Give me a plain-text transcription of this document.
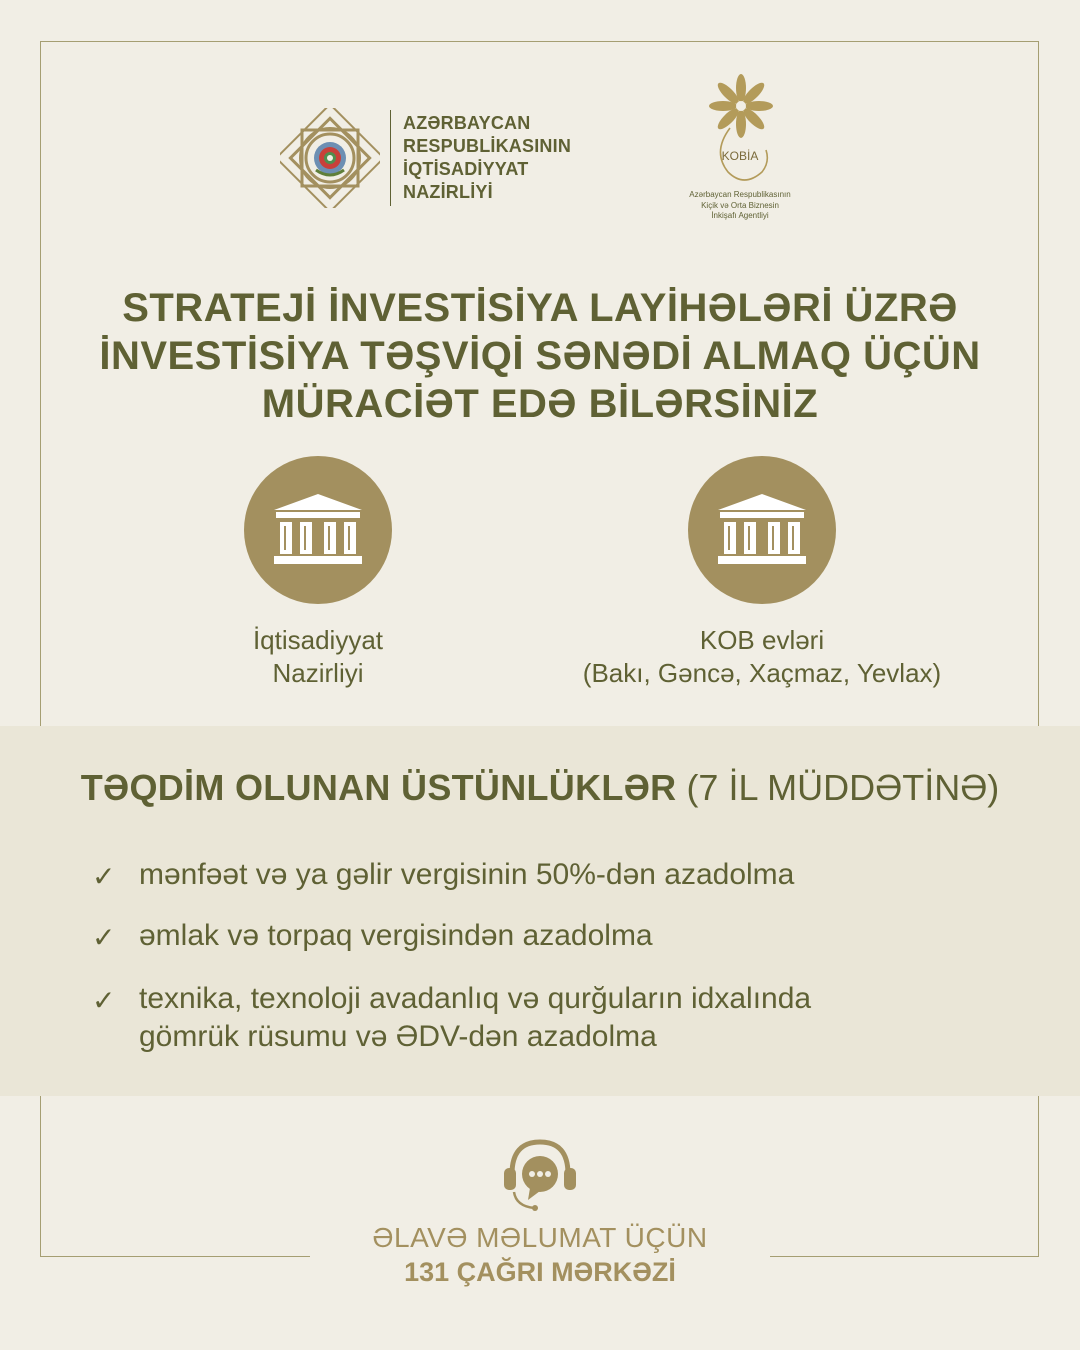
AZƏRBAYCAN
RESPUBLİKASININ
İQTİSADİYYAT
NAZİRLİYİ
KOBİA
Azərbaycan Respublikasının
Kiçik və Orta Biznesin
İnkişafı Agentliyi
STRATEJİ İNVESTİSİYA LAYİHƏLƏRİ ÜZRƏ
İNVESTİSİYA TƏŞVİQİ SƏNƏDİ ALMAQ ÜÇÜN
MÜRACİƏT EDƏ BİLƏRSİNİZ
İqtisadiyyat
Nazirliyi
KOB evləri
(Bakı, Gəncə, Xaçmaz, Yevlax)
TƏQDİM OLUNAN ÜSTÜNLÜKLƏR (7 İL MÜDDƏTİNƏ)
✓ mənfəət və ya gəlir vergisinin 50%-dən azadolma
✓ əmlak və torpaq vergisindən azadolma
✓ texnika, texnoloji avadanlıq və qurğuların idxalında
gömrük rüsumu və ƏDV-dən azadolma
ƏLAVƏ MƏLUMAT ÜÇÜN
131 ÇAĞRI MƏRKƏZİ
